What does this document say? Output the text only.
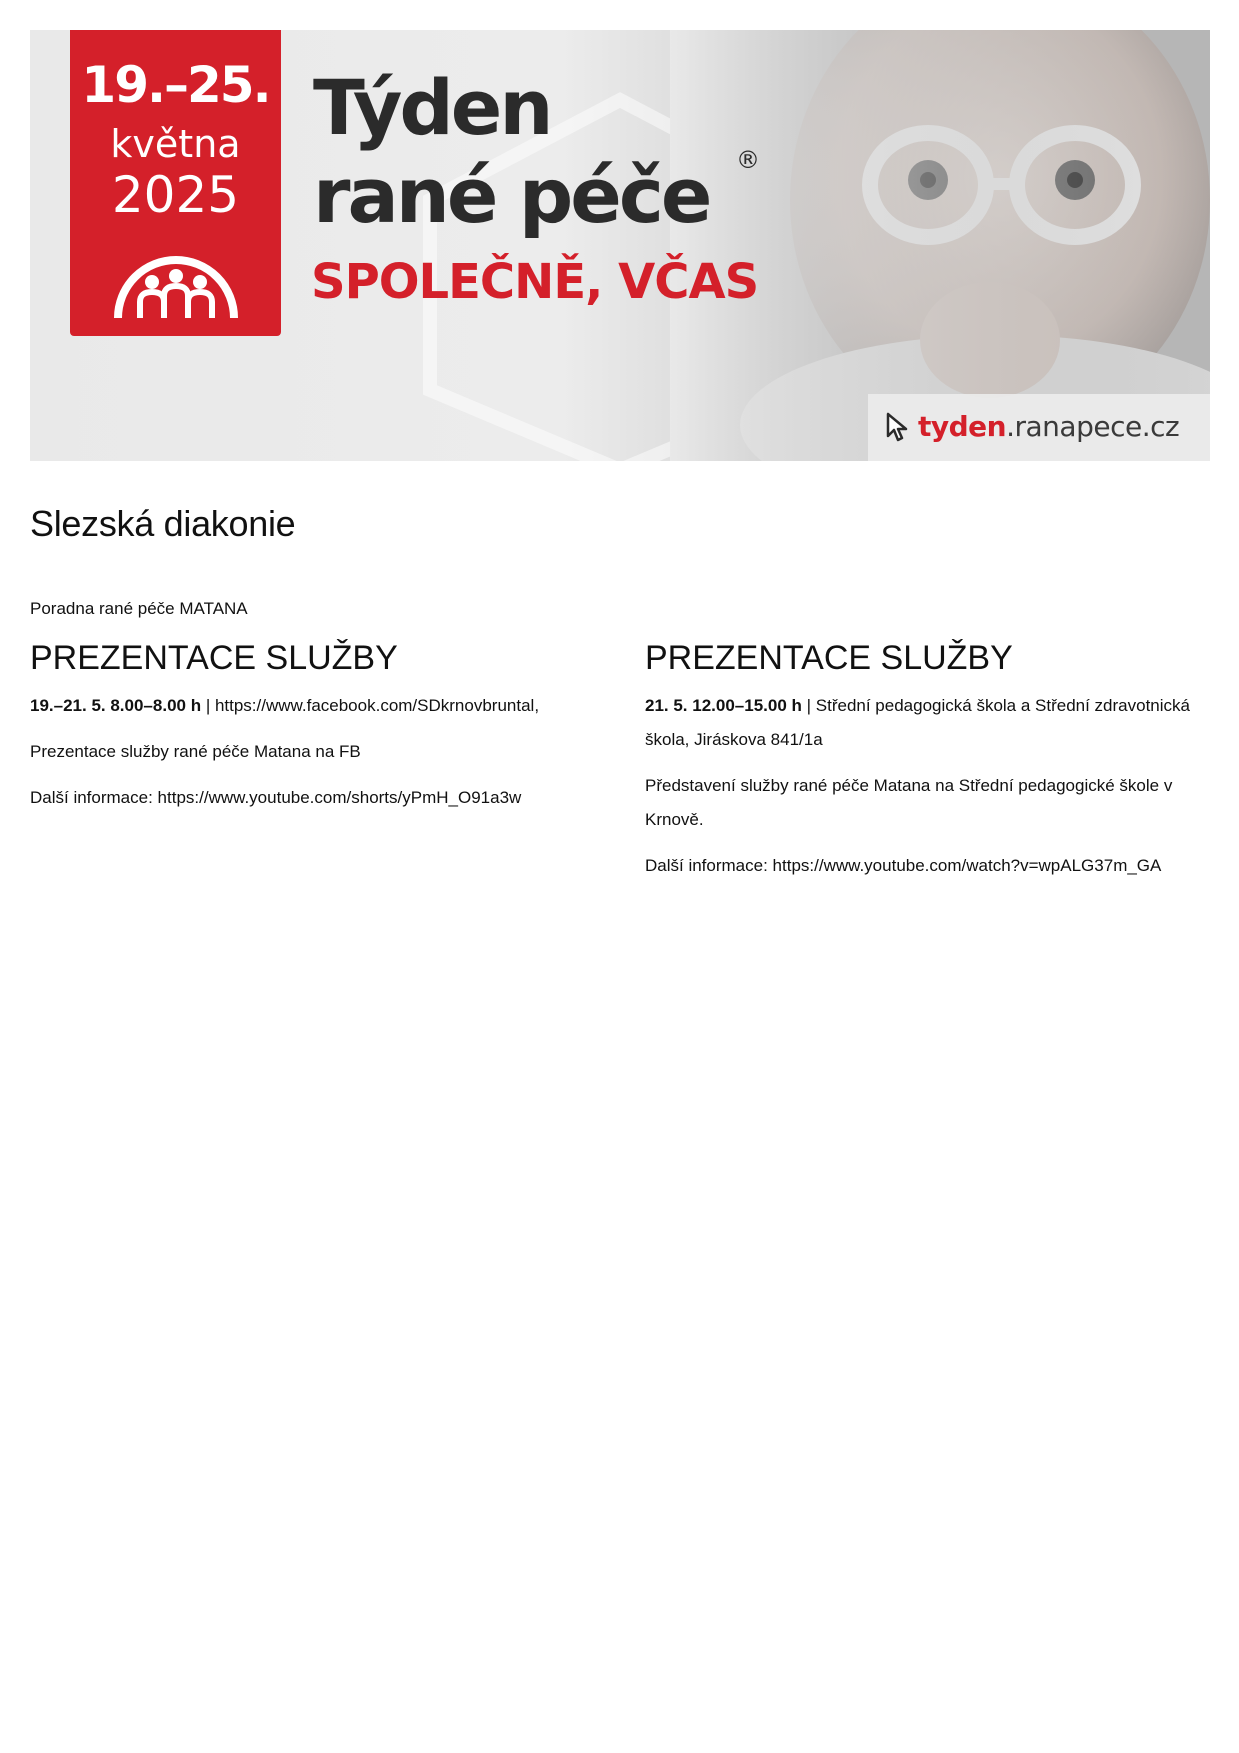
19.–25.
května
2025
Týden
rané péče ®
SPOLEČNĚ, VČAS
tyden.ranapece.cz
Slezská diakonie
Poradna rané péče MATANA
PREZENTACE SLUŽBY

19.–21. 5. 8.00–8.00 h | https://www.facebook.com/SDkrnovbruntal,

Prezentace služby rané péče Matana na FB

Další informace: https://www.youtube.com/shorts/yPmH_O91a3w

PREZENTACE SLUŽBY

21. 5. 12.00–15.00 h | Střední pedagogická škola a Střední zdravotnická škola, Jiráskova 841/1a

Představení služby rané péče Matana na Střední pedagogické škole v Krnově.

Další informace: https://www.youtube.com/watch?v=wpALG37m_GA
